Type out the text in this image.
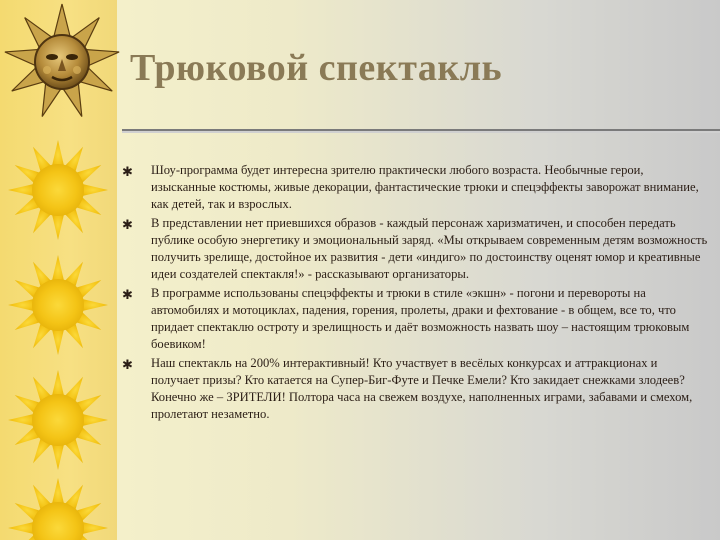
Трюковой спектакль
✱ Шоу-программа будет интересна зрителю практически любого возраста. Необычные герои, изысканные костюмы, живые декорации, фантастические трюки и спецэффекты заворожат внимание, как детей, так и взрослых.
✱ В представлении нет приевшихся образов - каждый персонаж харизматичен, и способен передать публике особую энергетику и эмоциональный заряд. «Мы открываем современным детям возможность получить зрелище, достойное их развития - дети «индиго» по достоинству оценят юмор и креативные идеи создателей спектакля!» - рассказывают организаторы.
✱ В программе использованы спецэффекты и трюки в стиле «экшн» - погони и перевороты на автомобилях и мотоциклах, падения, горения, пролеты, драки и фехтование - в общем, все то, что придает спектаклю остроту и зрелищность и даёт возможность назвать шоу – настоящим трюковым боевиком!
✱ Наш спектакль на 200% интерактивный! Кто участвует в весёлых конкурсах и аттракционах и получает призы? Кто катается на Супер-Биг-Футе и Печке Емели? Кто закидает снежками злодеев? Конечно же – ЗРИТЕЛИ! Полтора часа на свежем воздухе, наполненных играми, забавами и смехом, пролетают незаметно.
